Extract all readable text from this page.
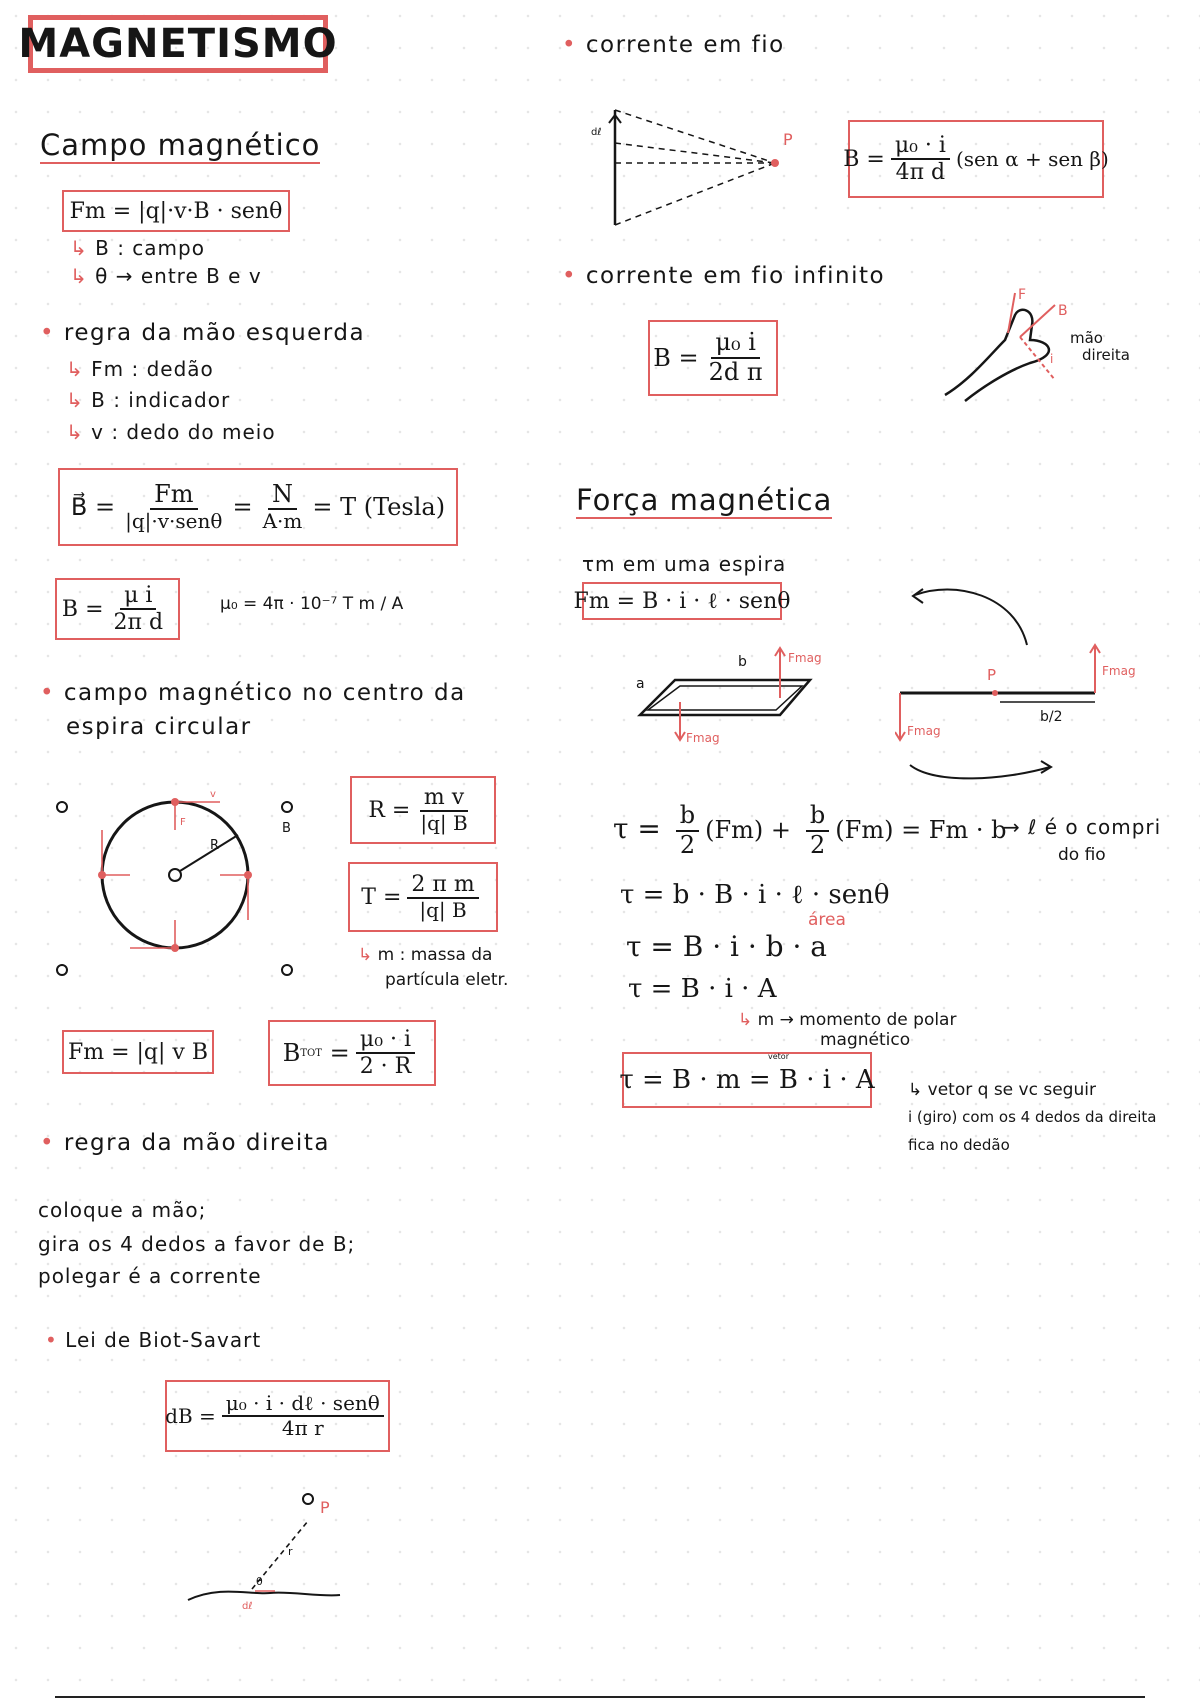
MAGNETISMO
Campo magnético
Fm =
|q|·v·B · senθ
↳ B : campo
↳ θ → entre B e v
• regra da mão esquerda
↳ Fm : dedão
↳ B : indicador
↳ v : dedo do meio
B⃗ = $\frac{Fm}{\text{|q|·v·senθ}} = \frac{N}{A\cdot m} = T$ (Tesla)
$B = \frac{\text{μ i}}{\text{2π d}}$	μ₀ = 4π · 10⁻⁷ T m / A
• campo magnético no centro da
espira circular
R
B
F
v
$R = \frac{\text{m v}}{|q| B}$
$T = \frac{\text{2 π m}}{|q| B}$
↳ m : massa da
partícula eletr.
Fm = |q| v B	B TOT
= $\frac{\text{μ₀ · i}}{2 \cdot R}$
• regra da mão direita
coloque a mão;
gira os 4 dedos a favor de B;
polegar é a corrente
• Lei de Biot-Savart
dB = $\frac{\text{μ₀ · i · dℓ · senθ}}{\text{4π r}}$
P
r
θ
dℓ
• corrente em fio
P
dℓ
$B = \frac{\text{μ₀ · i}}{\text{4π d}} (sen$ α + sen β)
• corrente em fio infinito
$B = \frac{\text{μ₀ i}}{\text{2d π}}$
F
B
i
mão
direita
Força magnética
τm em uma espira
Fm = B · i · ℓ · senθ
b
a
Fmag
Fmag
P
b/2
Fmag
Fmag
$\tau = \frac{b}{2} (Fm) + \frac{b}{2} (Fm) = Fm \cdot b$
→ ℓ é o compri
do fio
τ = b · B · i · ℓ · senθ
área
τ = B · i · b · a
τ = B · i · A
↳ m → momento de polar
magnético
τ = B · m = B · i · A
vetor
↳ vetor q se vc seguir
i (giro) com os 4 dedos da direita
fica no dedão
